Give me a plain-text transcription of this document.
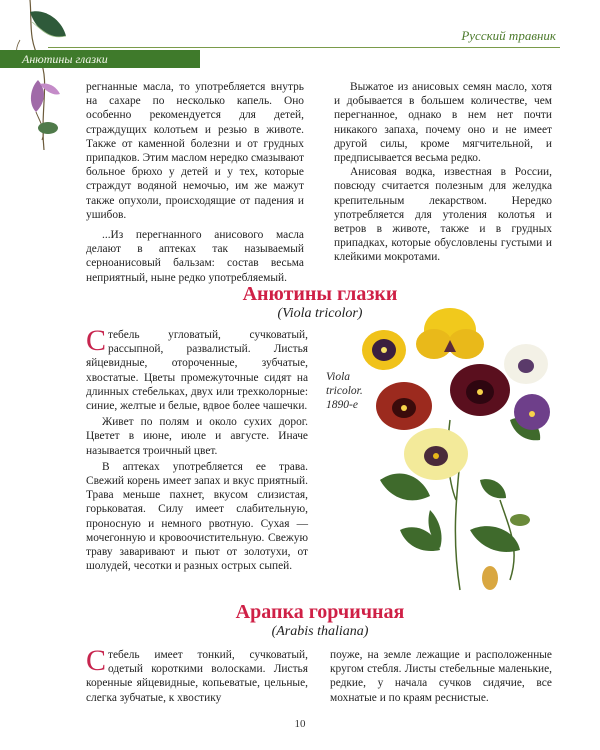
Русский травник
Анютины глазки

регнанные масла, то употребляется внутрь на сахаре по несколько капель. Оно особенно рекомендуется для детей, страждущих колотьем и резью в животе. Также от каменной болезни и от грудных припадков. Этим маслом нередко смазывают больное брюхо у детей и у тех, которые страждут водяной немочью, им же мажут также опухоли, происходящие от падения и ушибов.

...Из перегнанного анисового масла делают в аптеках так называемый серноанисовый бальзам: состав весьма неприятный, ныне редко употребляемый.

Выжатое из анисовых семян масло, хотя и добывается в большем количестве, чем перегнанное, однако в нем нет почти никакого запаха, почему оно и не имеет другой силы, кроме мягчительной, и предписывается весьма редко.

Анисовая водка, известная в России, повсюду считается полезным для желудка крепительным лекарством. Нередко употребляется для утоления колотья и ветров в животе, также и в грудных припадках, которые обусловлены густыми и клейкими мокротами.

Анютины глазки
(Viola tricolor)

Стебель угловатый, сучковатый, рассыпной, развалистый. Листья яйцевидные, отороченные, зубчатые, хвостатые. Цветы промежуточные сидят на длинных стебельках, двух или трехколорные: синие, желтые и белые, вдвое более чашечки.

Живет по полям и около сухих дорог. Цветет в июне, июле и августе. Иначе называется троичный цвет.

В аптеках употребляется ее трава. Свежий корень имеет запах и вкус приятный. Трава меньше пахнет, вкусом слизистая, горьковатая. Силу имеет слабительную, проносную и немного рвотную. Сухая — мочегонную и кровоочистительную. Свежую траву заваривают и пьют от золотухи, от шолудей, чесотки и разных острых сыпей.

Viola
tricolor.
1890-е
Арапка горчичная
(Arabis thaliana)

Стебель имеет тонкий, сучковатый, одетый короткими волосками. Листья коренные яйцевидные, копьеватые, цельные, слегка зубчатые, к хвостику

поуже, на земле лежащие и расположенные кругом стебля. Листы стебельные маленькие, редкие, у начала сучков сидячие, все мохнатые и по краям реснистые.

10
